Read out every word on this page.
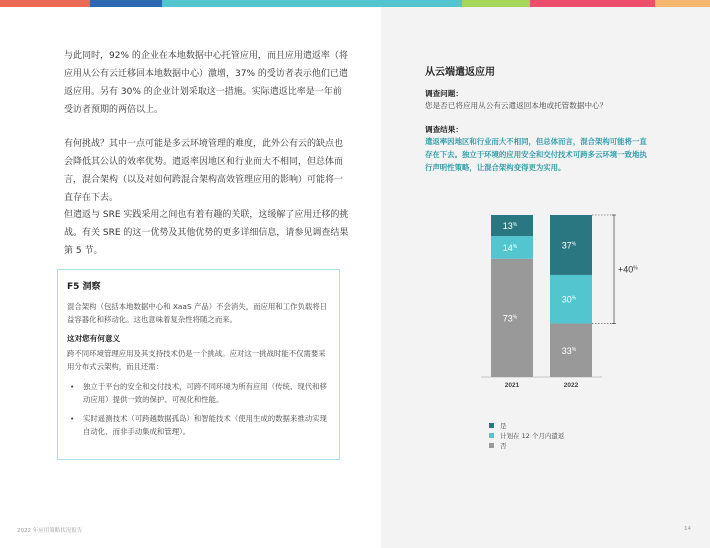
与此同时，92% 的企业在本地数据中心托管应用，而且应用遣返率（将应用从公有云迁移回本地数据中心）激增，37% 的受访者表示他们已遣返应用。另有 30% 的企业计划采取这一措施。实际遣返比率是一年前受访者预期的两倍以上。

有何挑战？其中一点可能是多云环境管理的难度，此外公有云的缺点也会降低其公认的效率优势。遣返率因地区和行业而大不相同，但总体而言，混合架构（以及对如何跨混合架构高效管理应用的影响）可能将一直存在下去。

但遣返与 SRE 实践采用之间也有着有趣的关联，这缓解了应用迁移的挑战。有关 SRE 的这一优势及其他优势的更多详细信息，请参见调查结果第 5 节。

F5 洞察
混合架构（包括本地数据中心和 XaaS 产品）不会消失，而应用和工作负载将日益容器化和移动化。这也意味着复杂性将随之而来。
这对您有何意义
跨不同环境管理应用及其支持技术仍是一个挑战。应对这一挑战时能不仅需要采用分布式云架构，而且还需：
• 独立于平台的安全和交付技术，可跨不同环境为所有应用（传统、现代和移动应用）提供一致的保护、可视化和性能。
• 实时遥测技术（可跨越数据孤岛）和智能技术（使用生成的数据来推动实现自动化、而非手动集成和管理）。
2022 年应用策略状况报告	14
从云端遣返应用
调查问题：
您是否已将应用从公有云遣返回本地或托管数据中心？
调查结果：
遣返率因地区和行业而大不相同，但总体而言，混合架构可能将一直存在下去。独立于环境的应用安全和交付技术可跨多云环境一致地执行声明性策略，让混合架构变得更为实用。
73%
14%
13%
2021
33%
30%
37%
2022
+40%
是
计划在 12 个月内遣返
否
